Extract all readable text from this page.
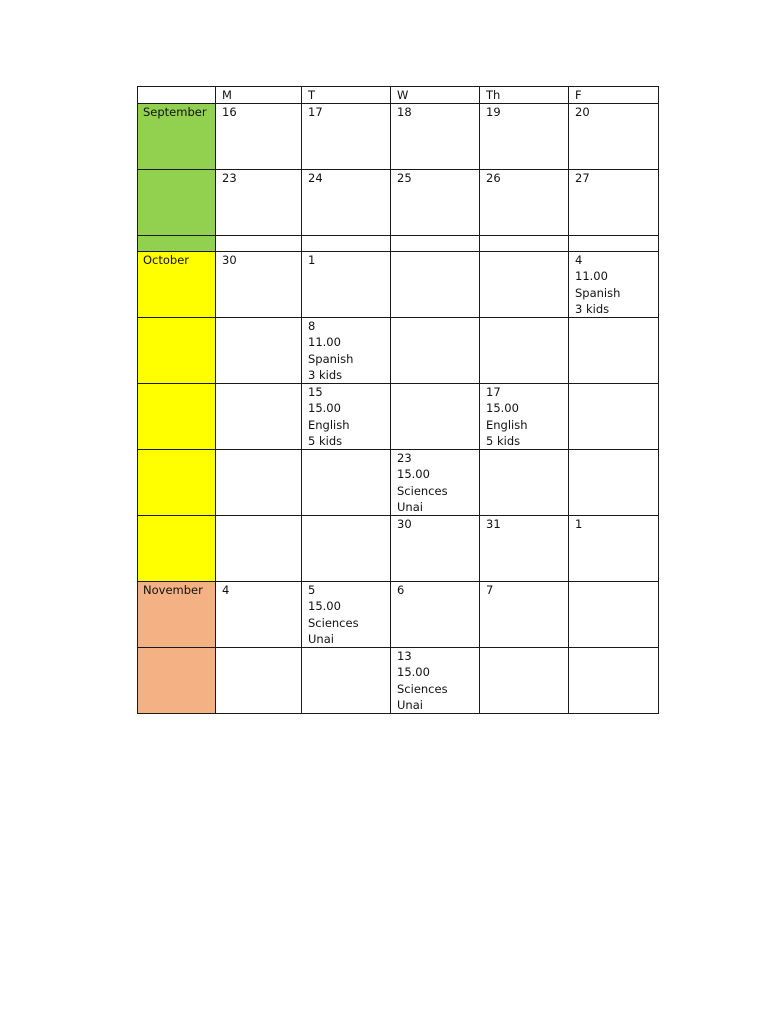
	M	T	W	Th	F

September	16	17	18	19	20

	23	24	25	26	27

October	30	1			4
11.00
Spanish
3 kids

		8
11.00
Spanish
3 kids			

		15
15.00
English
5 kids		17
15.00
English
5 kids	

			23
15.00
Sciences
Unai		

			30	31	1

November	4	5
15.00
Sciences
Unai	6	7	

			13
15.00
Sciences
Unai		
